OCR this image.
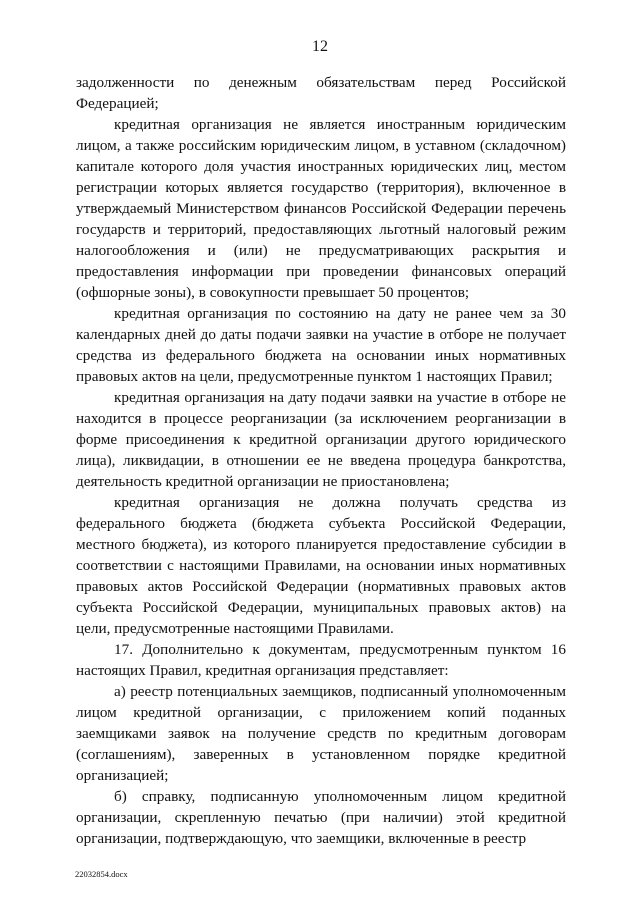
12

задолженности по денежным обязательствам перед Российской Федерацией;

кредитная организация не является иностранным юридическим лицом, а также российским юридическим лицом, в уставном (складочном) капитале которого доля участия иностранных юридических лиц, местом регистрации которых является государство (территория), включенное в утверждаемый Министерством финансов Российской Федерации перечень государств и территорий, предоставляющих льготный налоговый режим налогообложения и (или) не предусматривающих раскрытия и предоставления информации при проведении финансовых операций (офшорные зоны), в совокупности превышает 50 процентов;

кредитная организация по состоянию на дату не ранее чем за 30 календарных дней до даты подачи заявки на участие в отборе не получает средства из федерального бюджета на основании иных нормативных правовых актов на цели, предусмотренные пунктом 1 настоящих Правил;

кредитная организация на дату подачи заявки на участие в отборе не находится в процессе реорганизации (за исключением реорганизации в форме присоединения к кредитной организации другого юридического лица), ликвидации, в отношении ее не введена процедура банкротства, деятельность кредитной организации не приостановлена;

кредитная организация не должна получать средства из федерального бюджета (бюджета субъекта Российской Федерации, местного бюджета), из которого планируется предоставление субсидии в соответствии с настоящими Правилами, на основании иных нормативных правовых актов Российской Федерации (нормативных правовых актов субъекта Российской Федерации, муниципальных правовых актов) на цели, предусмотренные настоящими Правилами.

17. Дополнительно к документам, предусмотренным пунктом 16 настоящих Правил, кредитная организация представляет:

а) реестр потенциальных заемщиков, подписанный уполномоченным лицом кредитной организации, с приложением копий поданных заемщиками заявок на получение средств по кредитным договорам (соглашениям), заверенных в установленном порядке кредитной организацией;

б) справку, подписанную уполномоченным лицом кредитной организации, скрепленную печатью (при наличии) этой кредитной организации, подтверждающую, что заемщики, включенные в реестр

22032854.docx
